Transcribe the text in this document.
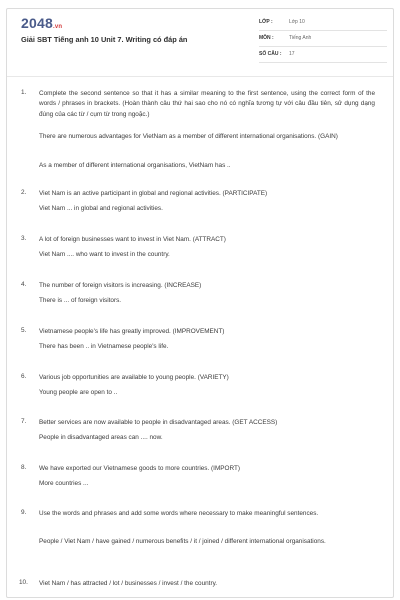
2048.vn
Giải SBT Tiếng anh 10 Unit 7. Writing có đáp án
LỚP :	Lớp 10
MÔN :	Tiếng Anh
SỐ CÂU : 17
1. Complete the second sentence so that it has a similar meaning to the first sentence, using the correct form of the words / phrases in brackets. (Hoàn thành câu thứ hai sao cho nó có nghĩa tương tự với câu đầu tiên, sử dụng dạng đúng của các từ / cụm từ trong ngoặc.)
There are numerous advantages for VietNam as a member of different international organisations. (GAIN)
As a member of different international organisations, VietNam has ..
2. Viet Nam is an active participant in global and regional activities. (PARTICIPATE)
Viet Nam ... in global and regional activities.
3. A lot of foreign businesses want to invest in Viet Nam. (ATTRACT)
Viet Nam .... who want to invest in the country.
4. The number of foreign visitors is increasing. (INCREASE)
There is ... of foreign visitors.
5. Vietnamese people's life has greatly improved. (IMPROVEMENT)
There has been .. in Vietnamese people's life.
6. Various job opportunities are available to young people. (VARIETY)
Young people are open to ..
7. Better services are now available to people in disadvantaged areas. (GET ACCESS)
People in disadvantaged areas can .... now.
8. We have exported our Vietnamese goods to more countries. (IMPORT)
More countries ...
9. Use the words and phrases and add some words where necessary to make meaningful sentences.
People / Viet Nam / have gained / numerous benefits / it / joined / different international organisations.
10. Viet Nam / has attracted / lot / businesses / invest / the country.
